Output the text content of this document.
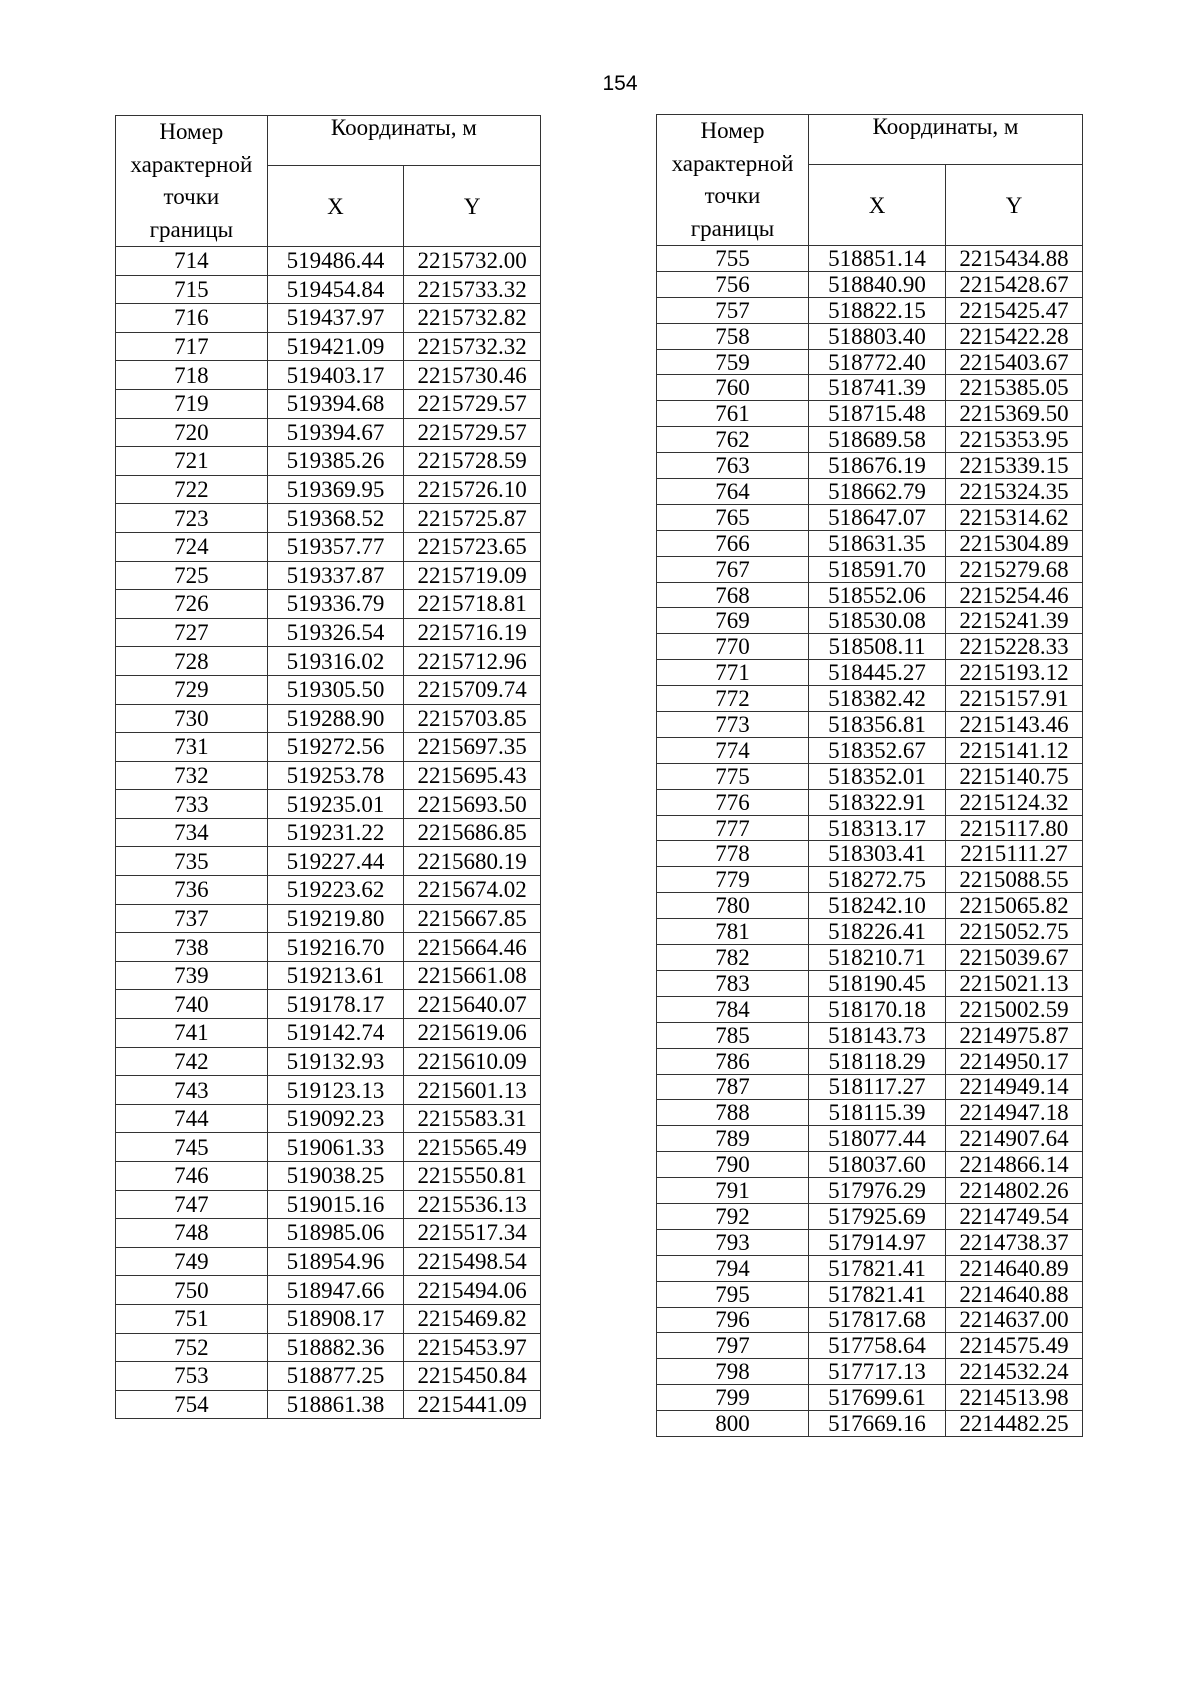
154
Номер
характерной
точки
границы	Координаты, м	
	X	Y
714	519486.44	2215732.00
715	519454.84	2215733.32
716	519437.97	2215732.82
717	519421.09	2215732.32
718	519403.17	2215730.46
719	519394.68	2215729.57
720	519394.67	2215729.57
721	519385.26	2215728.59
722	519369.95	2215726.10
723	519368.52	2215725.87
724	519357.77	2215723.65
725	519337.87	2215719.09
726	519336.79	2215718.81
727	519326.54	2215716.19
728	519316.02	2215712.96
729	519305.50	2215709.74
730	519288.90	2215703.85
731	519272.56	2215697.35
732	519253.78	2215695.43
733	519235.01	2215693.50
734	519231.22	2215686.85
735	519227.44	2215680.19
736	519223.62	2215674.02
737	519219.80	2215667.85
738	519216.70	2215664.46
739	519213.61	2215661.08
740	519178.17	2215640.07
741	519142.74	2215619.06
742	519132.93	2215610.09
743	519123.13	2215601.13
744	519092.23	2215583.31
745	519061.33	2215565.49
746	519038.25	2215550.81
747	519015.16	2215536.13
748	518985.06	2215517.34
749	518954.96	2215498.54
750	518947.66	2215494.06
751	518908.17	2215469.82
752	518882.36	2215453.97
753	518877.25	2215450.84
754	518861.38	2215441.09
Номер
характерной
точки
границы	Координаты, м	
	X	Y
755	518851.14	2215434.88
756	518840.90	2215428.67
757	518822.15	2215425.47
758	518803.40	2215422.28
759	518772.40	2215403.67
760	518741.39	2215385.05
761	518715.48	2215369.50
762	518689.58	2215353.95
763	518676.19	2215339.15
764	518662.79	2215324.35
765	518647.07	2215314.62
766	518631.35	2215304.89
767	518591.70	2215279.68
768	518552.06	2215254.46
769	518530.08	2215241.39
770	518508.11	2215228.33
771	518445.27	2215193.12
772	518382.42	2215157.91
773	518356.81	2215143.46
774	518352.67	2215141.12
775	518352.01	2215140.75
776	518322.91	2215124.32
777	518313.17	2215117.80
778	518303.41	2215111.27
779	518272.75	2215088.55
780	518242.10	2215065.82
781	518226.41	2215052.75
782	518210.71	2215039.67
783	518190.45	2215021.13
784	518170.18	2215002.59
785	518143.73	2214975.87
786	518118.29	2214950.17
787	518117.27	2214949.14
788	518115.39	2214947.18
789	518077.44	2214907.64
790	518037.60	2214866.14
791	517976.29	2214802.26
792	517925.69	2214749.54
793	517914.97	2214738.37
794	517821.41	2214640.89
795	517821.41	2214640.88
796	517817.68	2214637.00
797	517758.64	2214575.49
798	517717.13	2214532.24
799	517699.61	2214513.98
800	517669.16	2214482.25
